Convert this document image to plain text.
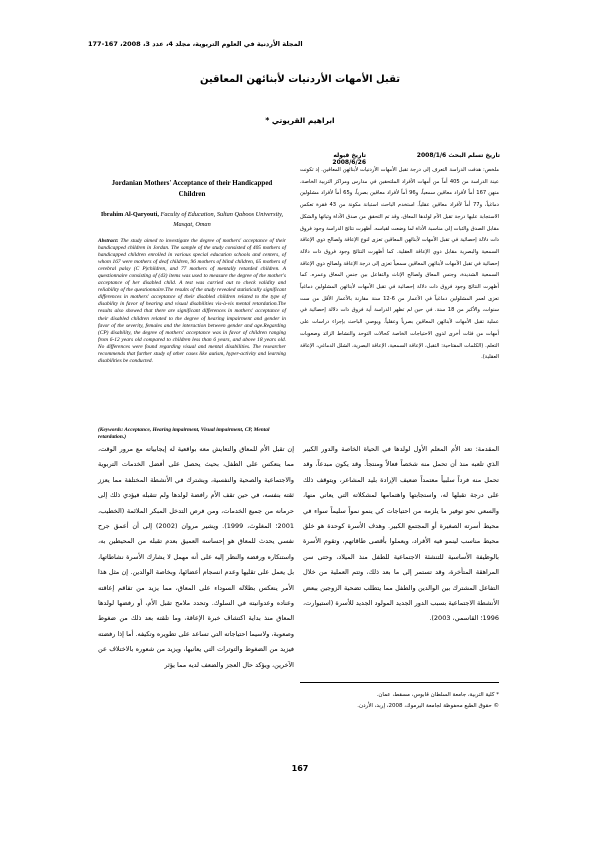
المجلة الأردنية في العلوم التربوية، مجلد 4، عدد 3، 2008، 167-177
تقبل الأمهات الأردنيات لأبنائهن المعاقين
ابراهيم القريوتي *
تاريخ تسلم البحث 2008/1/6
تاريخ قبوله 2008/6/26
ملخص: هدفت الدراسة التعرف إلى درجة تقبل الأمهات الأردنيات لأبنائهن المعاقين. إذ تكونت عينة الدراسة من 405 أماً من أمهات الأفراد الملتحقين في مدارس ومراكز التربية الخاصة، منهن 167 أماً لأفراد معاقين سمعياً، و96 أماً لأفراد معاقين بصرياً، و65 أماً لأفراد مشلولين دماغياً، و77 أماً لأفراد معاقين عقلياً. استخدم الباحث استبانة مكونة من 43 فقرة تعكس الاستجابة عليها درجة تقبل الأم لولدها المعاق، وقد تم التحقق من صدق الأداة وثباتها والشكل مقابل الصدق والثبات إلى مناسبة الأداة لما وضعت لقياسه. أظهرت نتائج الدراسة وجود فروق ذات دلالة إحصائية في تقبل الأمهات لأبنائهن المعاقين تعزى لنوع الإعاقة ولصالح ذوي الإعاقة السمعية والبصرية مقابل ذوي الإعاقة العقلية. كما أظهرت النتائج وجود فروق ذات دلالة إحصائية في تقبل الأمهات لأبنائهن المعاقين سمعياً تعزى إلى درجة الإعاقة ولصالح ذوي الإعاقة السمعية الشديدة، وجنس المعاق ولصالح الإناث والتفاعل بين جنس المعاق وعمره. كما أظهرت النتائج وجود فروق ذات دلالة إحصائية في تقبل الأمهات لأبنائهن المشلولين دماغياً تعزى لعمر المشلولين دماغياً في الأعمار من 6-12 سنة مقارنة بالأعمار الأقل من ست سنوات، والأكبر من 18 سنة. في حين لم تظهر الدراسة أية فروق ذات دلالة إحصائية في عملية تقبل الأمهات لأبنائهن المعاقين بصرياً وعقلياً. ويوصي الباحث بإجراء دراسات على أمهات من فئات أخرى لذوي الاحتياجات الخاصة كحالات التوحد والنشاط الزائد وصعوبات التعلم. (الكلمات المفتاحية: التقبل، الإعاقة السمعية، الإعاقة البصرية، الشلل الدماغي، الإعاقة العقلية).
Jordanian Mothers' Acceptance of their Handicapped Children
Ibrahim Al-Qaryouti, Faculty of Education, Sultan Qaboos University, Masqat, Oman
Abstract: The study aimed to investigate the degree of mothers' acceptance of their handicapped children in Jordan. The sample of the study consisted of 405 mothers of handicapped children enrolled in various special education schools and centers, of whom 167 were mothers of deaf children, 96 mothers of blind children, 65 mothers of cerebral palsy (C P)children, and 77 mothers of mentally retarded children. A questionnaire consisting of (43) items was used to measure the degree of the mother's acceptance of her disabled child. A test was carried out to check validity and reliability of the questionnaire.The results of the study revealed statistically significant differences in mothers' acceptance of their disabled children related to the type of disability in favor of hearing and visual disabilities vis-à-vis mental retardation.The results also showed that there are significant differences in mothers' acceptance of their disabled children related to the degree of hearing impairment and gender in favor of the severity, females and the interaction between gender and age.Regarding (CP) disability, the degree of mothers' acceptance was in favor of children ranging from 6-12 years old compared to children less than 6 years, and above 18 years old. No differences were found regarding visual and mental disabilities. The researcher recommends that further study of other cases like autism, hyper-activity and learning disabilities be conducted.
(Keywords: Acceptance, Hearing impairment, Visual impairment, CP, Mental retardation.)
المقدمة: تعد الأم المعلم الأول لولدها في الحياة الخاصة والدور الكبير الذي تلعبه منذ أن تحمل منه شخصاً فعالاً ومنتجاً. وقد يكون مبدعاً، وقد تحمل منه فرداً سلبياً معتمداً ضعيف الإرادة بليد المشاعر، ويتوقف ذلك على درجة تقبلها له، واستجابتها واهتمامها لمشكلاته التي يعاني منها، والسعي نحو توفير ما يلزمه من احتياجات كي ينمو نمواً سليماً سواء في محيط أسرته الصغيرة أو المجتمع الكبير. وهدف الأسرة كوحدة هو خلق محيط مناسب لينمو فيه الأفراد، ويعملوا بأقصى طاقاتهم، وتقوم الأسرة بالوظيفة الأساسية للتنشئة الاجتماعية للطفل منذ الميلاد، وحتى سن المراهقة المتأخرة، وقد تستمر إلى ما بعد ذلك، وتتم العملية من خلال التفاعل المشترك بين الوالدين والطفل مما يتطلب تضحية الزوجين ببعض الأنشطة الاجتماعية بسبب الدور الجديد المولود الجديد للأسرة (استيوارت، 1996؛ القاسمي، 2003).
إن تقبل الأم للمعاق والتعايش معه بواقعية له إيجابياته مع مرور الوقت، مما ينعكس على الطفل، بحيث يحصل على أفضل الخدمات التربوية والاجتماعية والصحية والنفسية، ويشترك في الأنشطة المختلفة مما يعزز ثقته بنفسه، في حين تقف الأم رافضة لولدها ولم تتقبله فيؤدي ذلك إلى حرمانه من جميع الخدمات، ومن فرص التدخل المبكر الملائمة (الخطيب، 2001؛ المغلوث، 1999). ويشير مروان (2002) إلى أن أعمق جرح نفسي يحدث للمعاق هو إحساسه العميق بعدم تقبله من المحيطين به، واستنكاره ورفضه والنظر إليه على أنه مهمل لا يشارك الأسرة نشاطاتها، بل يعمل على تقليها وعدم انسجام أعضائها، وبخاصة الوالدين. إن مثل هذا الأمر ينعكس بظلاله السوداء على المعاق، مما يزيد من تفاقم إعاقته وعناده وعدوانيته في السلوك. وتحدد ملامح تقبل الأم، أو رفضها لولدها المعاق منذ بداية اكتشاف خبرة الإعاقة، وما تلقته بعد ذلك من ضغوط وصعوبة، ولاسيما احتياجاته التي تساعد على تطويره وتكيفه. أما إذا رفضته فيزيد من الضغوط والتوترات التي يعانيها، ويزيد من شعوره بالاختلاف عن الآخرين، ويؤكد حال العجز والضعف لديه مما يؤثر
* كلية التربية، جامعة السلطان قابوس، مسقط، عمان.
© حقوق الطبع محفوظة لجامعة اليرموك، 2008، إربد، الأردن.
167
